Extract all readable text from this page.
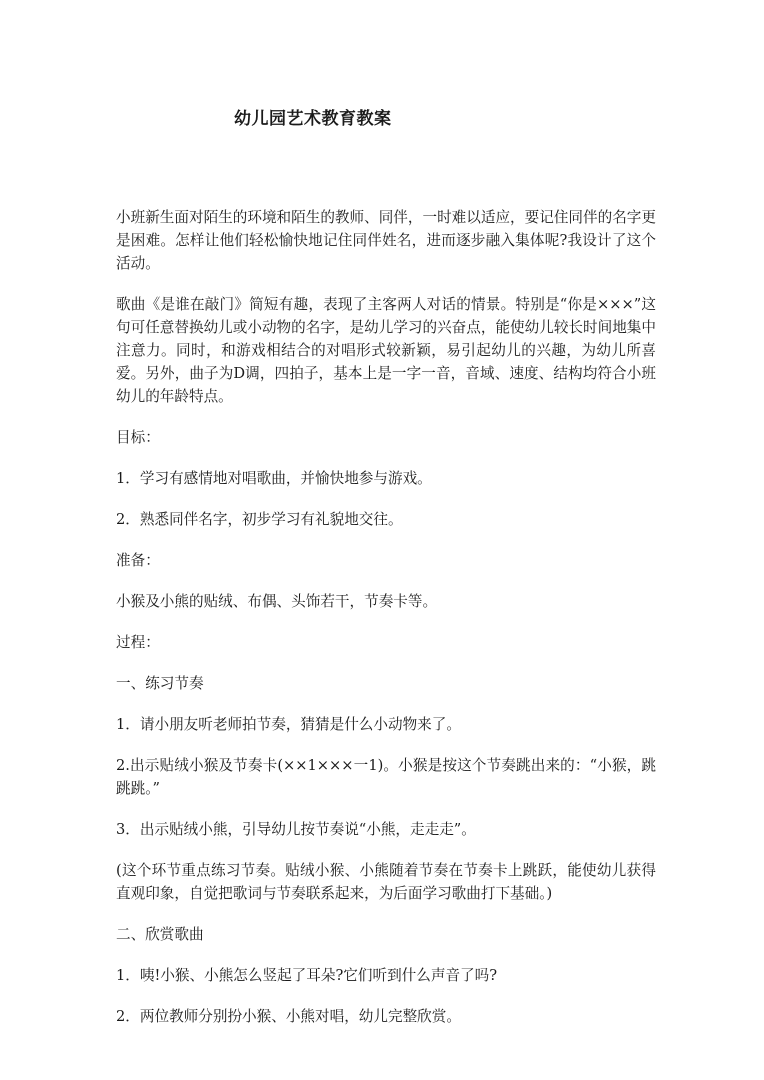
幼儿园艺术教育教案

小班新生面对陌生的环境和陌生的教师、同伴，一时难以适应，要记住同伴的名字更是困难。怎样让他们轻松愉快地记住同伴姓名，进而逐步融入集体呢?我设计了这个活动。

歌曲《是谁在敲门》简短有趣，表现了主客两人对话的情景。特别是“你是×××”这句可任意替换幼儿或小动物的名字，是幼儿学习的兴奋点，能使幼儿较长时间地集中注意力。同时，和游戏相结合的对唱形式较新颖，易引起幼儿的兴趣，为幼儿所喜爱。另外，曲子为D调，四拍子，基本上是一字一音，音域、速度、结构均符合小班幼儿的年龄特点。

目标：

1．学习有感情地对唱歌曲，并愉快地参与游戏。

2．熟悉同伴名字，初步学习有礼貌地交往。

准备：

小猴及小熊的贴绒、布偶、头饰若干，节奏卡等。

过程：

一、练习节奏

1．请小朋友听老师拍节奏，猜猜是什么小动物来了。

2.出示贴绒小猴及节奏卡(××1×××一1)。小猴是按这个节奏跳出来的：“小猴，跳跳跳。”

3．出示贴绒小熊，引导幼儿按节奏说“小熊，走走走”。

(这个环节重点练习节奏。贴绒小猴、小熊随着节奏在节奏卡上跳跃，能使幼儿获得直观印象，自觉把歌词与节奏联系起来，为后面学习歌曲打下基础。)

二、欣赏歌曲

1．咦!小猴、小熊怎么竖起了耳朵?它们听到什么声音了吗?

2．两位教师分别扮小猴、小熊对唱，幼儿完整欣赏。
